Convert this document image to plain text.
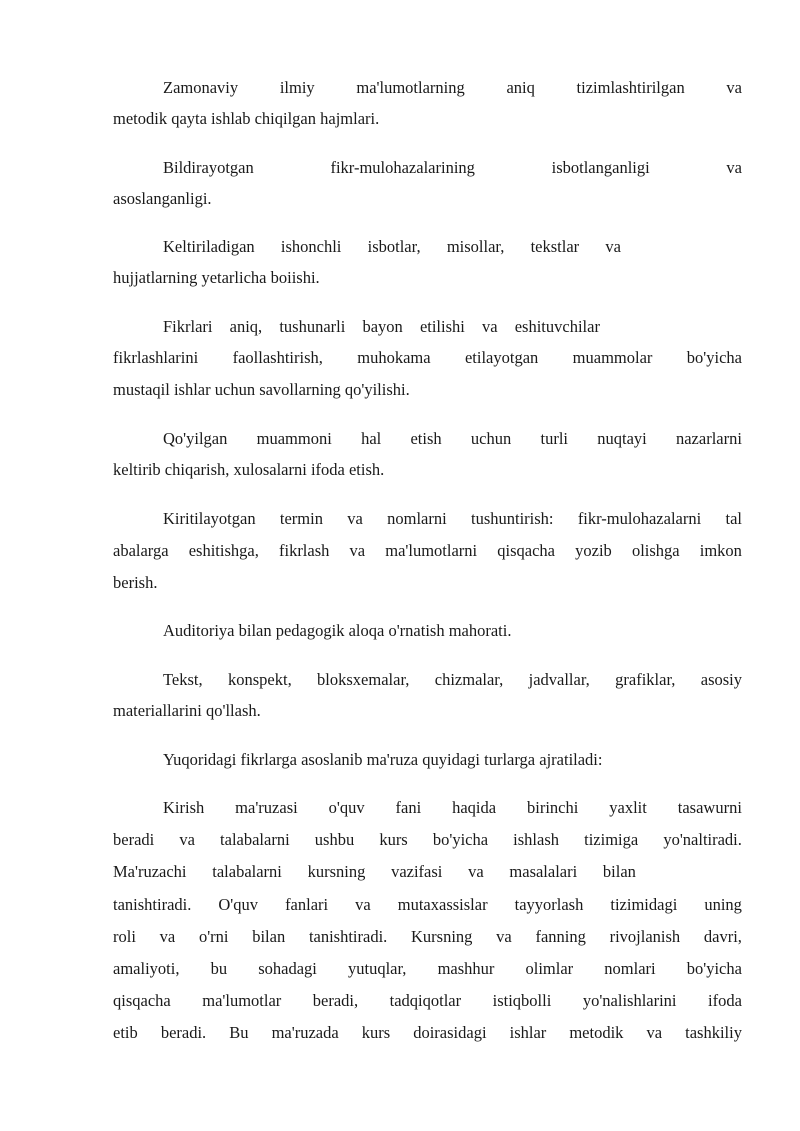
Zamonaviy	ilmiy	ma'lumotlarning	aniq	tizimlashtirilgan	va
metodik qayta ishlab chiqilgan hajmlari.
Bildirayotgan	fikr-mulohazalarining	isbotlanganligi	va
asoslanganligi.
Keltiriladigan ishonchli isbotlar, misollar, tekstlar va
hujjatlarning yetarlicha boiishi.
Fikrlari aniq, tushunarli bayon etilishi va eshituvchilar
fikrlashlarini faollashtirish, muhokama etilayotgan muammolar bo'yicha
mustaqil ishlar uchun savollarning qo'yilishi.
Qo'yilgan muammoni hal etish uchun turli nuqtayi nazarlarni
keltirib chiqarish, xulosalarni ifoda etish.
Kiritilayotgan termin va nomlarni tushuntirish: fikr-mulohazalarni tal
abalarga eshitishga, fikrlash va ma'lumotlarni qisqacha yozib olishga imkon
berish.
Auditoriya bilan pedagogik aloqa o'rnatish mahorati.
Tekst, konspekt, bloksxemalar, chizmalar, jadvallar, grafiklar, asosiy
materiallarini qo'llash.
Yuqoridagi fikrlarga asoslanib ma'ruza quyidagi turlarga ajratiladi:
Kirish ma'ruzasi o'quv fani haqida birinchi yaxlit tasawurni
beradi va talabalarni ushbu kurs bo'yicha ishlash tizimiga yo'naltiradi.
Ma'ruzachi talabalarni kursning vazifasi va masalalari bilan
tanishtiradi. O'quv fanlari va mutaxassislar tayyorlash tizimidagi uning
roli va o'rni bilan tanishtiradi. Kursning va fanning rivojlanish davri,
amaliyoti, bu sohadagi yutuqlar, mashhur olimlar nomlari bo'yicha
qisqacha ma'lumotlar beradi, tadqiqotlar istiqbolli yo'nalishlarini ifoda
etib beradi. Bu ma'ruzada kurs doirasidagi ishlar metodik va tashkiliy
